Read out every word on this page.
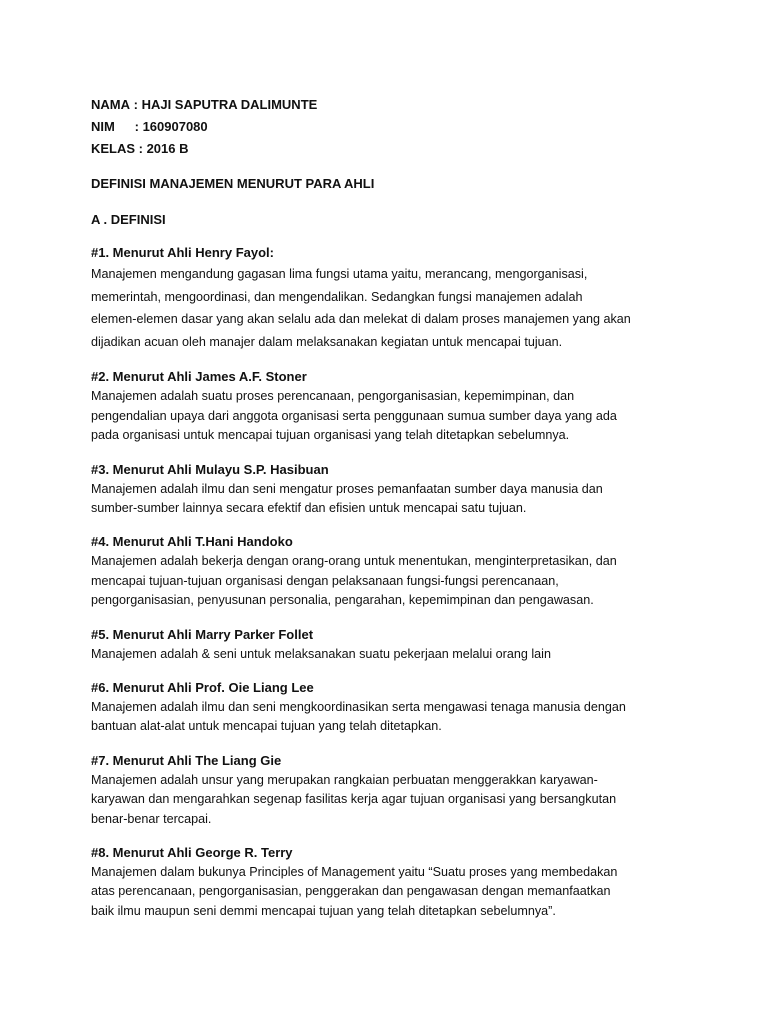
NAMA : HAJI SAPUTRA DALIMUNTE
NIM : 160907080
KELAS : 2016 B
DEFINISI MANAJEMEN MENURUT PARA AHLI
A . DEFINISI
#1. Menurut Ahli Henry Fayol:
Manajemen mengandung gagasan lima fungsi utama yaitu, merancang, mengorganisasi,
memerintah, mengoordinasi, dan mengendalikan. Sedangkan fungsi manajemen adalah
elemen-elemen dasar yang akan selalu ada dan melekat di dalam proses manajemen yang akan
dijadikan acuan oleh manajer dalam melaksanakan kegiatan untuk mencapai tujuan.
#2. Menurut Ahli James A.F. Stoner
Manajemen adalah suatu proses perencanaan, pengorganisasian, kepemimpinan, dan
pengendalian upaya dari anggota organisasi serta penggunaan sumua sumber daya yang ada
pada organisasi untuk mencapai tujuan organisasi yang telah ditetapkan sebelumnya.
#3. Menurut Ahli Mulayu S.P. Hasibuan
Manajemen adalah ilmu dan seni mengatur proses pemanfaatan sumber daya manusia dan
sumber-sumber lainnya secara efektif dan efisien untuk mencapai satu tujuan.
#4. Menurut Ahli T.Hani Handoko
Manajemen adalah bekerja dengan orang-orang untuk menentukan, menginterpretasikan, dan
mencapai tujuan-tujuan organisasi dengan pelaksanaan fungsi-fungsi perencanaan,
pengorganisasian, penyusunan personalia, pengarahan, kepemimpinan dan pengawasan.
#5. Menurut Ahli Marry Parker Follet
Manajemen adalah & seni untuk melaksanakan suatu pekerjaan melalui orang lain
#6. Menurut Ahli Prof. Oie Liang Lee
Manajemen adalah ilmu dan seni mengkoordinasikan serta mengawasi tenaga manusia dengan
bantuan alat-alat untuk mencapai tujuan yang telah ditetapkan.
#7. Menurut Ahli The Liang Gie
Manajemen adalah unsur yang merupakan rangkaian perbuatan menggerakkan karyawan-
karyawan dan mengarahkan segenap fasilitas kerja agar tujuan organisasi yang bersangkutan
benar-benar tercapai.
#8. Menurut Ahli George R. Terry
Manajemen dalam bukunya Principles of Management yaitu “Suatu proses yang membedakan
atas perencanaan, pengorganisasian, penggerakan dan pengawasan dengan memanfaatkan
baik ilmu maupun seni demmi mencapai tujuan yang telah ditetapkan sebelumnya”.
